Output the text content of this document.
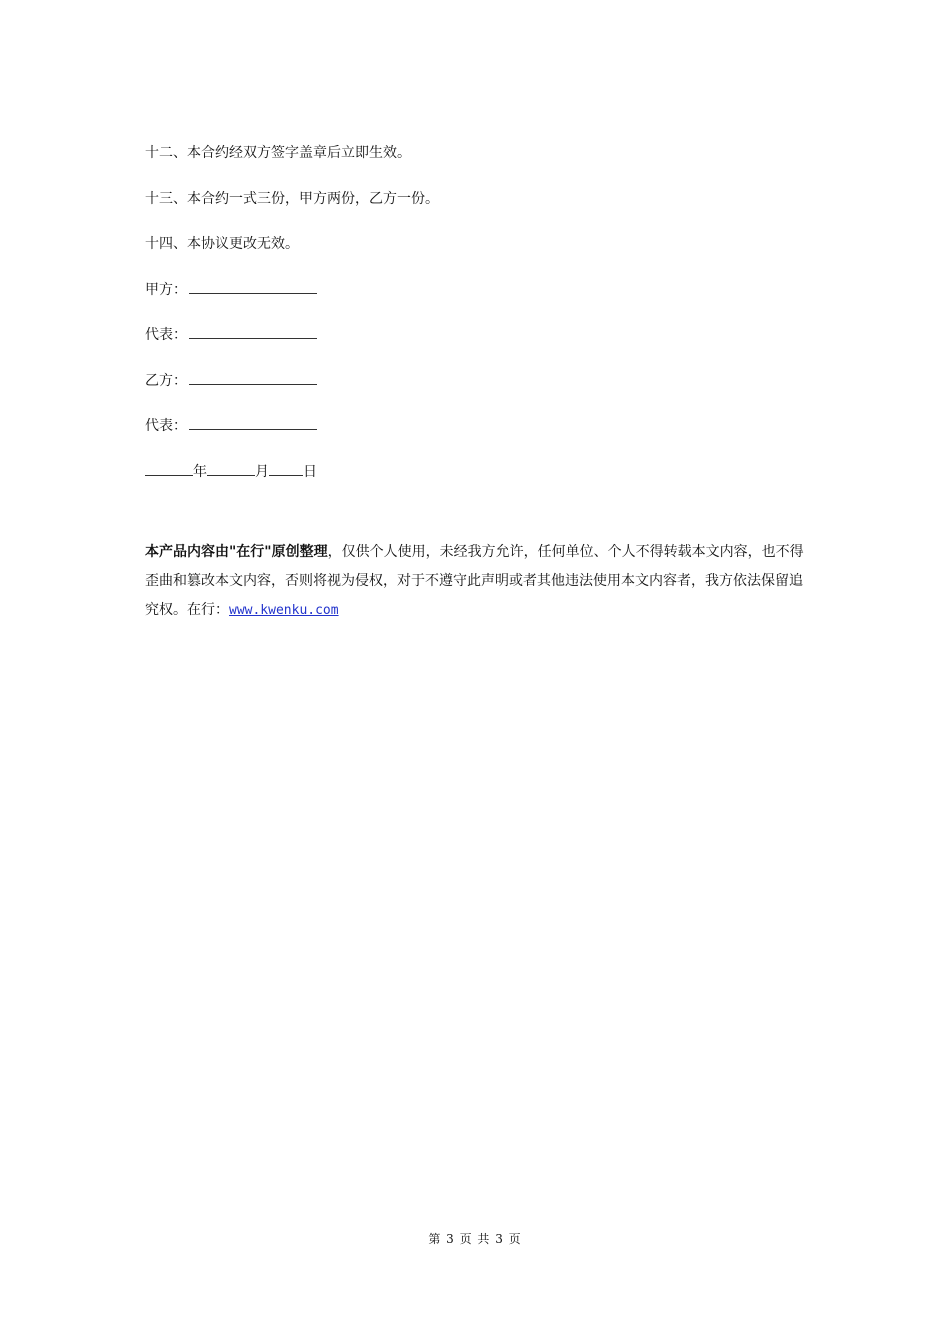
十二、本合约经双方签字盖章后立即生效。
十三、本合约一式三份，甲方两份，乙方一份。
十四、本协议更改无效。
甲方：
代表：
乙方：
代表：
年	月 日
本产品内容由"在行"原创整理，仅供个人使用，未经我方允许，任何单位、个人不得转载本文内容，也不得歪曲和篡改本文内容，否则将视为侵权，对于不遵守此声明或者其他违法使用本文内容者，我方依法保留追究权。在行：www.kwenku.com
第 3 页 共 3 页
